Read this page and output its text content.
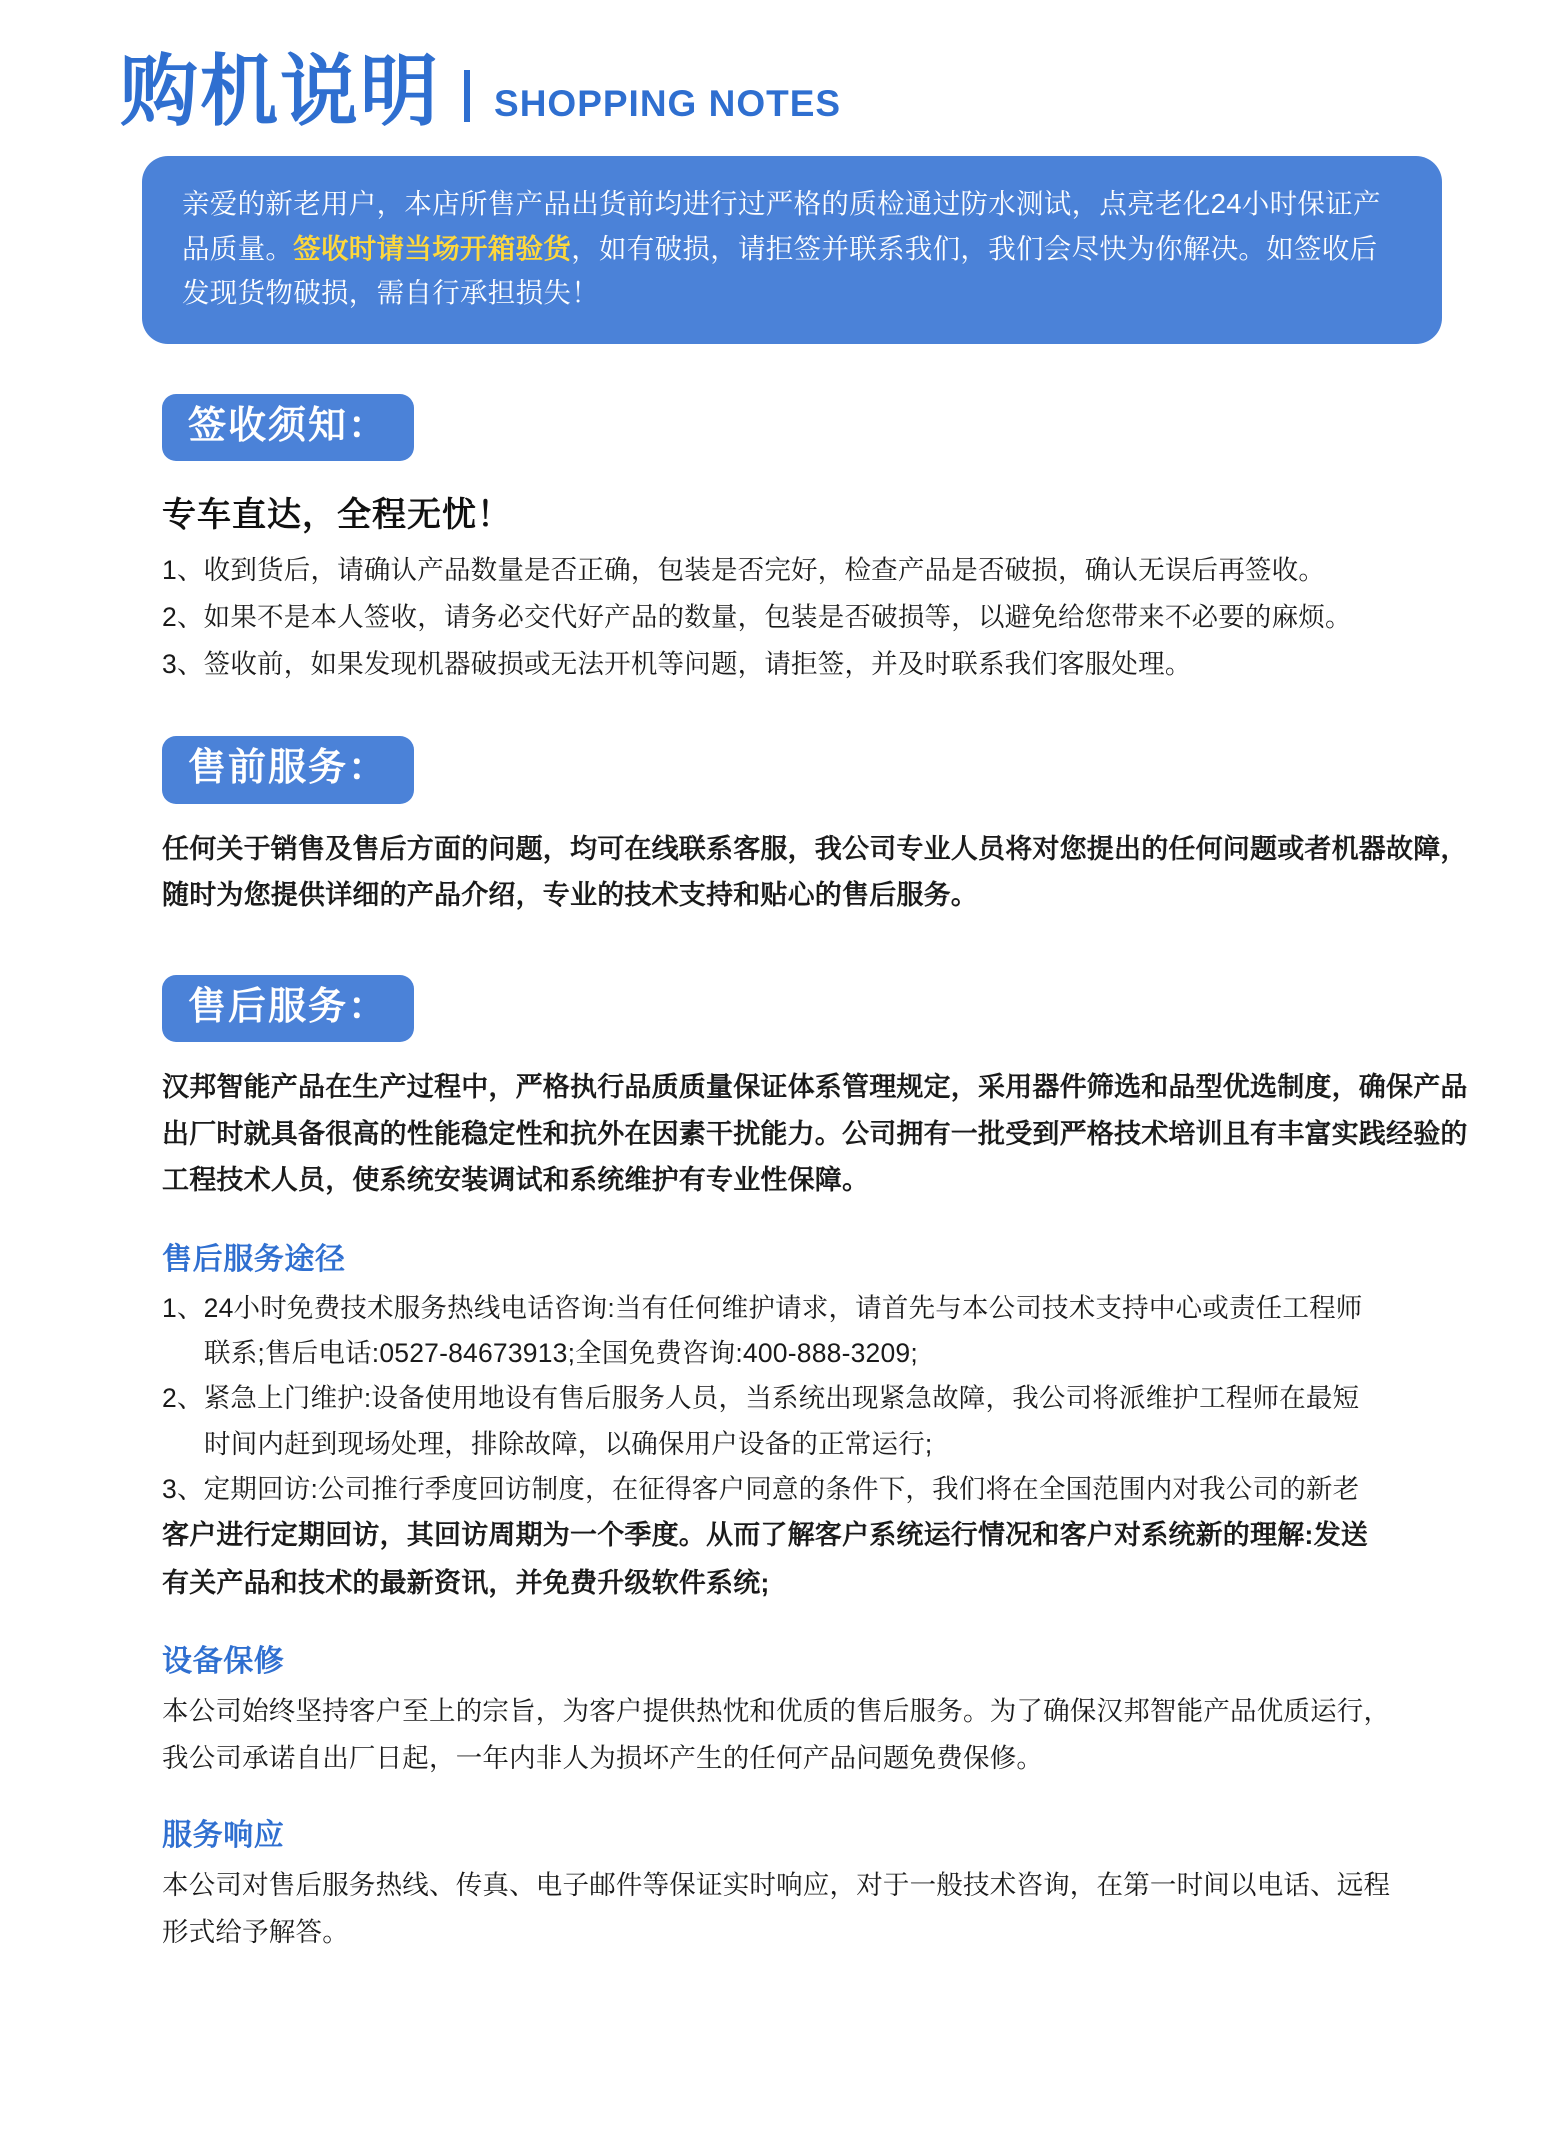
购机说明 SHOPPING NOTES
亲爱的新老用户，本店所售产品出货前均进行过严格的质检通过防水测试，点亮老化24小时保证产品质量。签收时请当场开箱验货，如有破损，请拒签并联系我们，我们会尽快为你解决。如签收后发现货物破损，需自行承担损失！
签收须知：
专车直达，全程无忧！
1、收到货后，请确认产品数量是否正确，包装是否完好，检查产品是否破损，确认无误后再签收。
2、如果不是本人签收，请务必交代好产品的数量，包装是否破损等，以避免给您带来不必要的麻烦。
3、签收前，如果发现机器破损或无法开机等问题，请拒签，并及时联系我们客服处理。
售前服务：
任何关于销售及售后方面的问题，均可在线联系客服，我公司专业人员将对您提出的任何问题或者机器故障，随时为您提供详细的产品介绍，专业的技术支持和贴心的售后服务。
售后服务：
汉邦智能产品在生产过程中，严格执行品质质量保证体系管理规定，采用器件筛选和品型优选制度，确保产品出厂时就具备很高的性能稳定性和抗外在因素干扰能力。公司拥有一批受到严格技术培训且有丰富实践经验的工程技术人员，使系统安装调试和系统维护有专业性保障。
售后服务途径
1、24小时免费技术服务热线电话咨询:当有任何维护请求，请首先与本公司技术支持中心或责任工程师
联系;售后电话:0527-84673913;全国免费咨询:400-888-3209;
2、紧急上门维护:设备使用地设有售后服务人员，当系统出现紧急故障，我公司将派维护工程师在最短
时间内赶到现场处理，排除故障，以确保用户设备的正常运行;
3、定期回访:公司推行季度回访制度，在征得客户同意的条件下，我们将在全国范围内对我公司的新老
客户进行定期回访，其回访周期为一个季度。从而了解客户系统运行情况和客户对系统新的理解:发送
有关产品和技术的最新资讯，并免费升级软件系统;
设备保修
本公司始终坚持客户至上的宗旨，为客户提供热忱和优质的售后服务。为了确保汉邦智能产品优质运行，
我公司承诺自出厂日起，一年内非人为损坏产生的任何产品问题免费保修。
服务响应
本公司对售后服务热线、传真、电子邮件等保证实时响应，对于一般技术咨询，在第一时间以电话、远程
形式给予解答。
